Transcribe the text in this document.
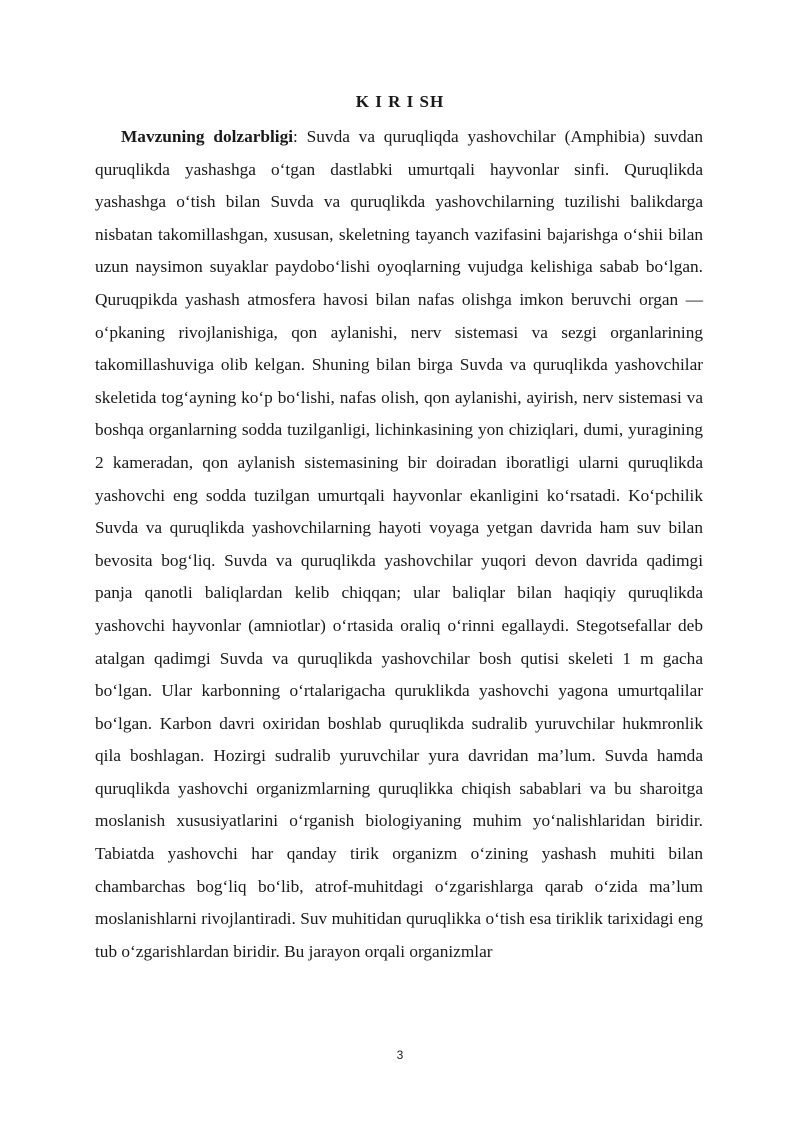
K I R I SH

Mavzuning dolzarbligi: Suvda va quruqliqda yashovchilar (Amphibia) suvdan quruqlikda yashashga oʻtgan dastlabki umurtqali hayvonlar sinfi. Quruqlikda yashashga oʻtish bilan Suvda va quruqlikda yashovchilarning tuzilishi balikdarga nisbatan takomillashgan, xususan, skeletning tayanch vazifasini bajarishga oʻshii bilan uzun naysimon suyaklar paydoboʻlishi oyoqlarning vujudga kelishiga sabab boʻlgan. Quruqpikda yashash atmosfera havosi bilan nafas olishga imkon beruvchi organ — oʻpkaning rivojlanishiga, qon aylanishi, nerv sistemasi va sezgi organlarining takomillashuviga olib kelgan. Shuning bilan birga Suvda va quruqlikda yashovchilar skeletida togʻayning koʻp boʻlishi, nafas olish, qon aylanishi, ayirish, nerv sistemasi va boshqa organlarning sodda tuzilganligi, lichinkasining yon chiziqlari, dumi, yuragining 2 kameradan, qon aylanish sistemasining bir doiradan iboratligi ularni quruqlikda yashovchi eng sodda tuzilgan umurtqali hayvonlar ekanligini koʻrsatadi. Koʻpchilik Suvda va quruqlikda yashovchilarning hayoti voyaga yetgan davrida ham suv bilan bevosita bogʻliq. Suvda va quruqlikda yashovchilar yuqori devon davrida qadimgi panja qanotli baliqlardan kelib chiqqan; ular baliqlar bilan haqiqiy quruqlikda yashovchi hayvonlar (amniotlar) oʻrtasida oraliq oʻrinni egallaydi. Stegotsefallar deb atalgan qadimgi Suvda va quruqlikda yashovchilar bosh qutisi skeleti 1 m gacha boʻlgan. Ular karbonning oʻrtalarigacha quruklikda yashovchi yagona umurtqalilar boʻlgan. Karbon davri oxiridan boshlab quruqlikda sudralib yuruvchilar hukmronlik qila boshlagan. Hozirgi sudralib yuruvchilar yura davridan ma’lum. Suvda hamda quruqlikda yashovchi organizmlarning quruqlikka chiqish sabablari va bu sharoitga moslanish xususiyatlarini oʻrganish biologiyaning muhim yoʻnalishlaridan biridir. Tabiatda yashovchi har qanday tirik organizm oʻzining yashash muhiti bilan chambarchas bogʻliq boʻlib, atrof-muhitdagi oʻzgarishlarga qarab oʻzida ma’lum moslanishlarni rivojlantiradi. Suv muhitidan quruqlikka oʻtish esa tiriklik tarixidagi eng tub oʻzgarishlardan biridir. Bu jarayon orqali organizmlar

3
